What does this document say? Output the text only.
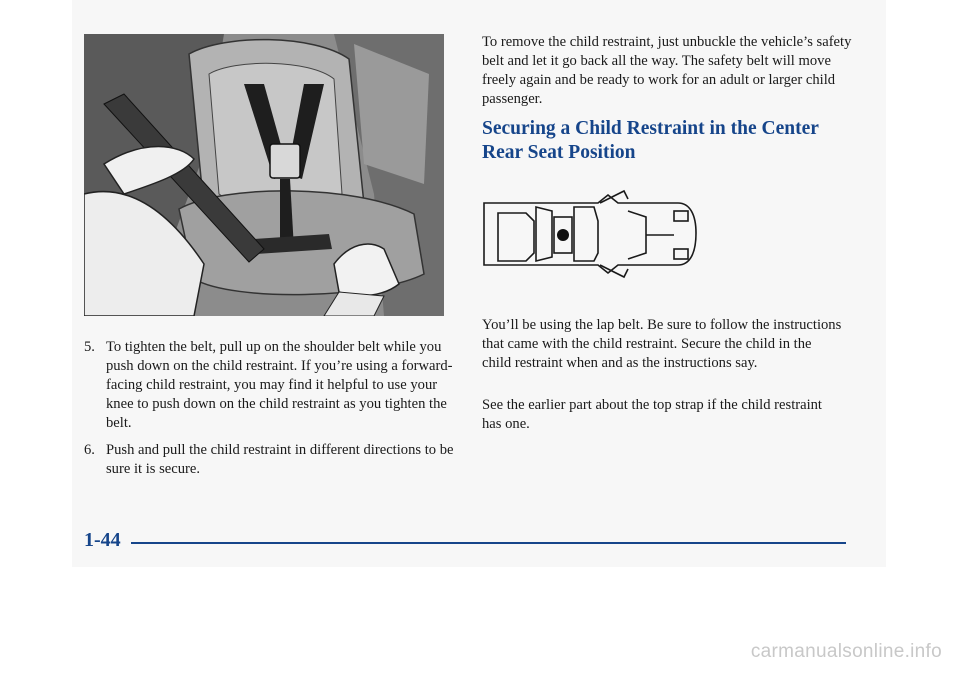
5. To tighten the belt, pull up on the shoulder belt while you push down on the child restraint. If you’re using a forward-facing child restraint, you may find it helpful to use your knee to push down on the child restraint as you tighten the belt.
6. Push and pull the child restraint in different directions to be sure it is secure.

To remove the child restraint, just unbuckle the vehicle’s safety belt and let it go back all the way. The safety belt will move freely again and be ready to work for an adult or larger child passenger.

Securing a Child Restraint in the Center Rear Seat Position

You’ll be using the lap belt. Be sure to follow the instructions that came with the child restraint. Secure the child in the child restraint when and as the instructions say.

See the earlier part about the top strap if the child restraint has one.

1-44
carmanualsonline.info
